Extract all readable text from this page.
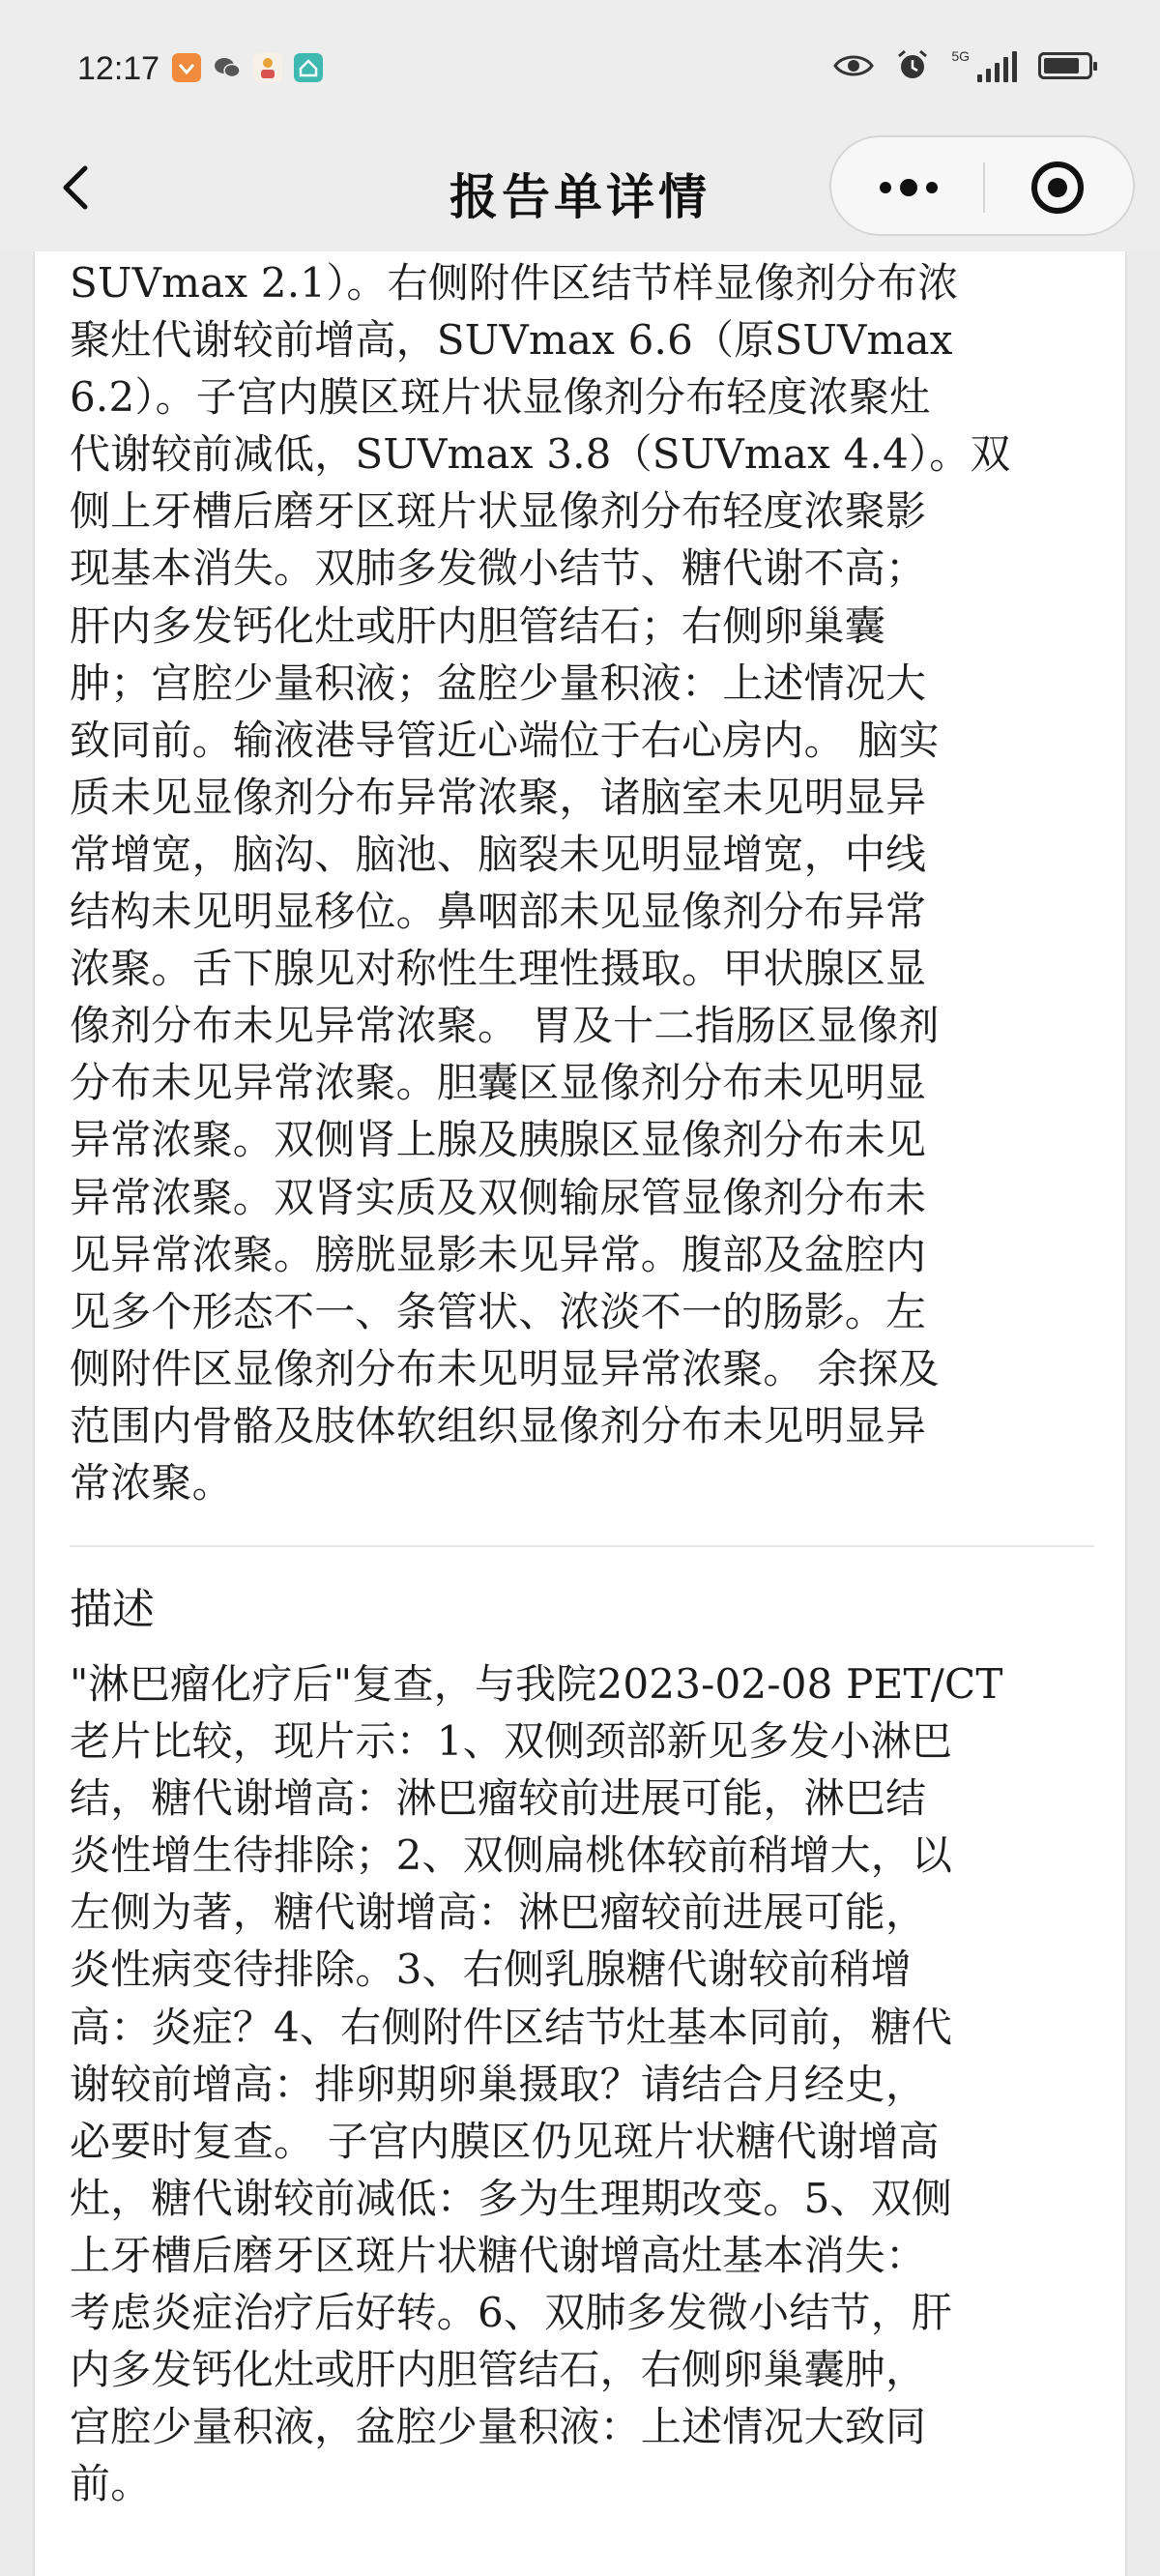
12:17	5G
报告单详情
SUVmax 2.1）。右侧附件区结节样显像剂分布浓
聚灶代谢较前增高，SUVmax 6.6（原SUVmax
6.2）。子宫内膜区斑片状显像剂分布轻度浓聚灶
代谢较前减低，SUVmax 3.8（SUVmax 4.4）。双
侧上牙槽后磨牙区斑片状显像剂分布轻度浓聚影
现基本消失。双肺多发微小结节、糖代谢不高；
肝内多发钙化灶或肝内胆管结石；右侧卵巢囊
肿；宫腔少量积液；盆腔少量积液：上述情况大
致同前。输液港导管近心端位于右心房内。 脑实
质未见显像剂分布异常浓聚，诸脑室未见明显异
常增宽，脑沟、脑池、脑裂未见明显增宽，中线
结构未见明显移位。鼻咽部未见显像剂分布异常
浓聚。舌下腺见对称性生理性摄取。甲状腺区显
像剂分布未见异常浓聚。 胃及十二指肠区显像剂
分布未见异常浓聚。胆囊区显像剂分布未见明显
异常浓聚。双侧肾上腺及胰腺区显像剂分布未见
异常浓聚。双肾实质及双侧输尿管显像剂分布未
见异常浓聚。膀胱显影未见异常。腹部及盆腔内
见多个形态不一、条管状、浓淡不一的肠影。左
侧附件区显像剂分布未见明显异常浓聚。 余探及
范围内骨骼及肢体软组织显像剂分布未见明显异
常浓聚。
描述
"淋巴瘤化疗后"复查，与我院2023-02-08 PET/CT
老片比较，现片示：1、双侧颈部新见多发小淋巴
结，糖代谢增高：淋巴瘤较前进展可能，淋巴结
炎性增生待排除；2、双侧扁桃体较前稍增大，以
左侧为著，糖代谢增高：淋巴瘤较前进展可能，
炎性病变待排除。3、右侧乳腺糖代谢较前稍增
高：炎症？4、右侧附件区结节灶基本同前，糖代
谢较前增高：排卵期卵巢摄取？请结合月经史，
必要时复查。 子宫内膜区仍见斑片状糖代谢增高
灶，糖代谢较前减低：多为生理期改变。5、双侧
上牙槽后磨牙区斑片状糖代谢增高灶基本消失：
考虑炎症治疗后好转。6、双肺多发微小结节，肝
内多发钙化灶或肝内胆管结石，右侧卵巢囊肿，
宫腔少量积液，盆腔少量积液：上述情况大致同
前。
